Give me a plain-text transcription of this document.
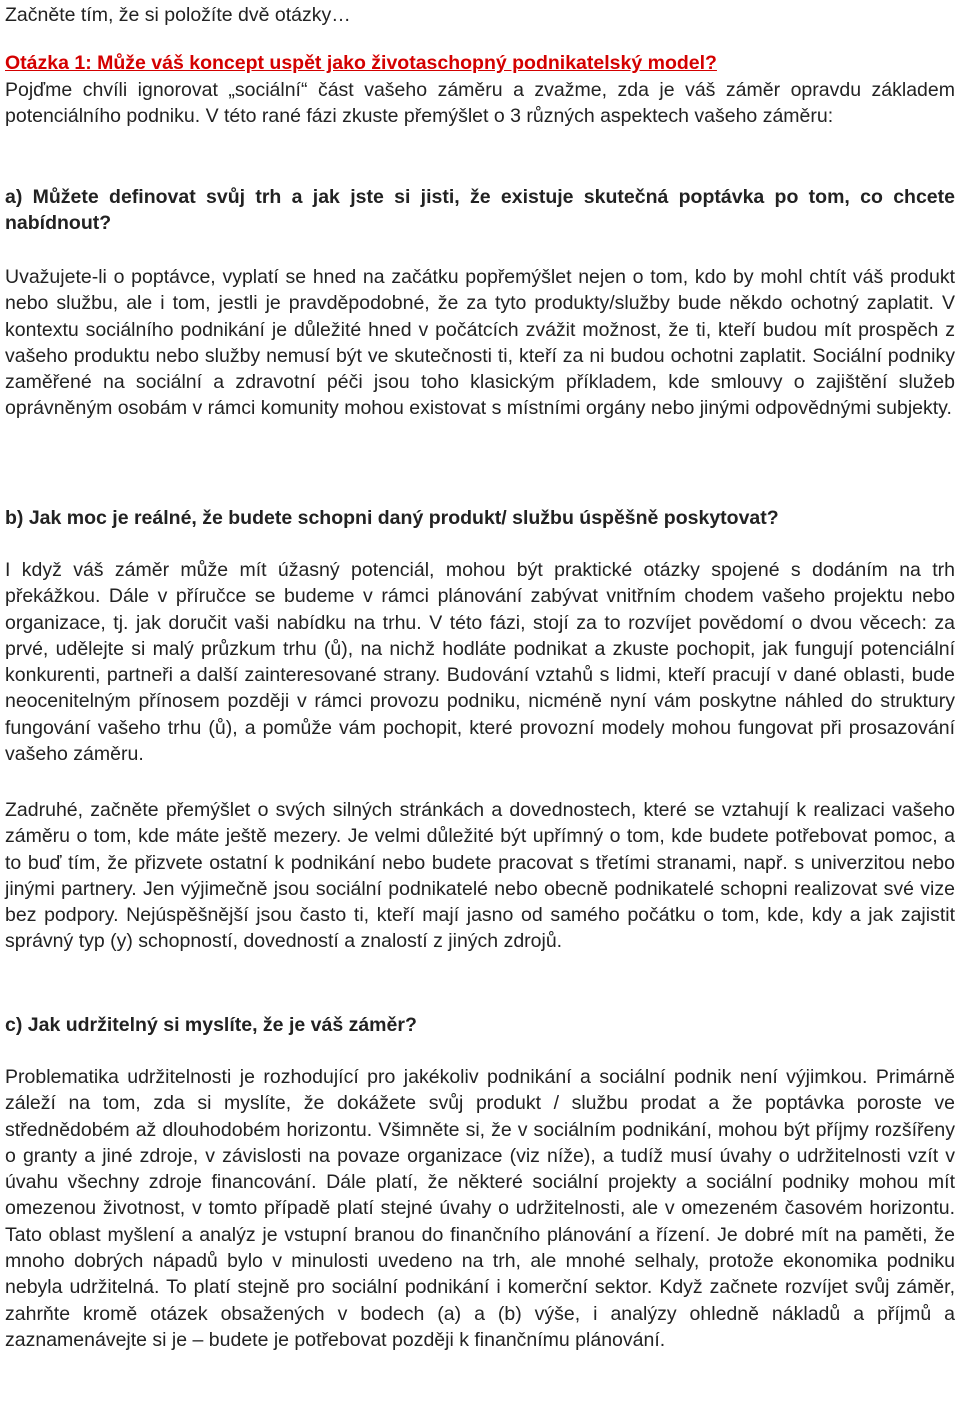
Začněte tím, že si položíte dvě otázky…

Otázka 1: Může váš koncept uspět jako životaschopný podnikatelský model?

Pojďme chvíli ignorovat „sociální“ část vašeho záměru a zvažme, zda je váš záměr opravdu základem potenciálního podniku. V této rané fázi zkuste přemýšlet o 3 různých aspektech vašeho záměru:

a) Můžete definovat svůj trh a jak jste si jisti, že existuje skutečná poptávka po tom, co chcete nabídnout?

Uvažujete-li o poptávce, vyplatí se hned na začátku popřemýšlet nejen o tom, kdo by mohl chtít váš produkt nebo službu, ale i tom, jestli je pravděpodobné, že za tyto produkty/služby bude někdo ochotný zaplatit. V kontextu sociálního podnikání je důležité hned v počátcích zvážit možnost, že ti, kteří budou mít prospěch z vašeho produktu nebo služby nemusí být ve skutečnosti ti, kteří za ni budou ochotni zaplatit. Sociální podniky zaměřené na sociální a zdravotní péči jsou toho klasickým příkladem, kde smlouvy o zajištění služeb oprávněným osobám v rámci komunity mohou existovat s místními orgány nebo jinými odpovědnými subjekty.

b) Jak moc je reálné, že budete schopni daný produkt/ službu úspěšně poskytovat?

I když váš záměr může mít úžasný potenciál, mohou být praktické otázky spojené s dodáním na trh překážkou. Dále v příručce se budeme v rámci plánování zabývat vnitřním chodem vašeho projektu nebo organizace, tj. jak doručit vaši nabídku na trhu. V této fázi, stojí za to rozvíjet povědomí o dvou věcech: za prvé, udělejte si malý průzkum trhu (ů), na nichž hodláte podnikat a zkuste pochopit, jak fungují potenciální konkurenti, partneři a další zainteresované strany. Budování vztahů s lidmi, kteří pracují v dané oblasti, bude neocenitelným přínosem později v rámci provozu podniku, nicméně nyní vám poskytne náhled do struktury fungování vašeho trhu (ů), a pomůže vám pochopit, které provozní modely mohou fungovat při prosazování vašeho záměru.

Zadruhé, začněte přemýšlet o svých silných stránkách a dovednostech, které se vztahují k realizaci vašeho záměru o tom, kde máte ještě mezery. Je velmi důležité být upřímný o tom, kde budete potřebovat pomoc, a to buď tím, že přizvete ostatní k podnikání nebo budete pracovat s třetími stranami, např. s univerzitou nebo jinými partnery. Jen výjimečně jsou sociální podnikatelé nebo obecně podnikatelé schopni realizovat své vize bez podpory. Nejúspěšnější jsou často ti, kteří mají jasno od samého počátku o tom, kde, kdy a jak zajistit správný typ (y) schopností, dovedností a znalostí z jiných zdrojů.

c) Jak udržitelný si myslíte, že je váš záměr?

Problematika udržitelnosti je rozhodující pro jakékoliv podnikání a sociální podnik není výjimkou. Primárně záleží na tom, zda si myslíte, že dokážete svůj produkt / službu prodat a že poptávka poroste ve střednědobém až dlouhodobém horizontu. Všimněte si, že v sociálním podnikání, mohou být příjmy rozšířeny o granty a jiné zdroje, v závislosti na povaze organizace (viz níže), a tudíž musí úvahy o udržitelnosti vzít v úvahu všechny zdroje financování. Dále platí, že některé sociální projekty a sociální podniky mohou mít omezenou životnost, v tomto případě platí stejné úvahy o udržitelnosti, ale v omezeném časovém horizontu. Tato oblast myšlení a analýz je vstupní branou do finančního plánování a řízení. Je dobré mít na paměti, že mnoho dobrých nápadů bylo v minulosti uvedeno na trh, ale mnohé selhaly, protože ekonomika podniku nebyla udržitelná. To platí stejně pro sociální podnikání i komerční sektor. Když začnete rozvíjet svůj záměr, zahrňte kromě otázek obsažených v bodech (a) a (b) výše, i analýzy ohledně nákladů a příjmů a zaznamenávejte si je – budete je potřebovat později k finančnímu plánování.
